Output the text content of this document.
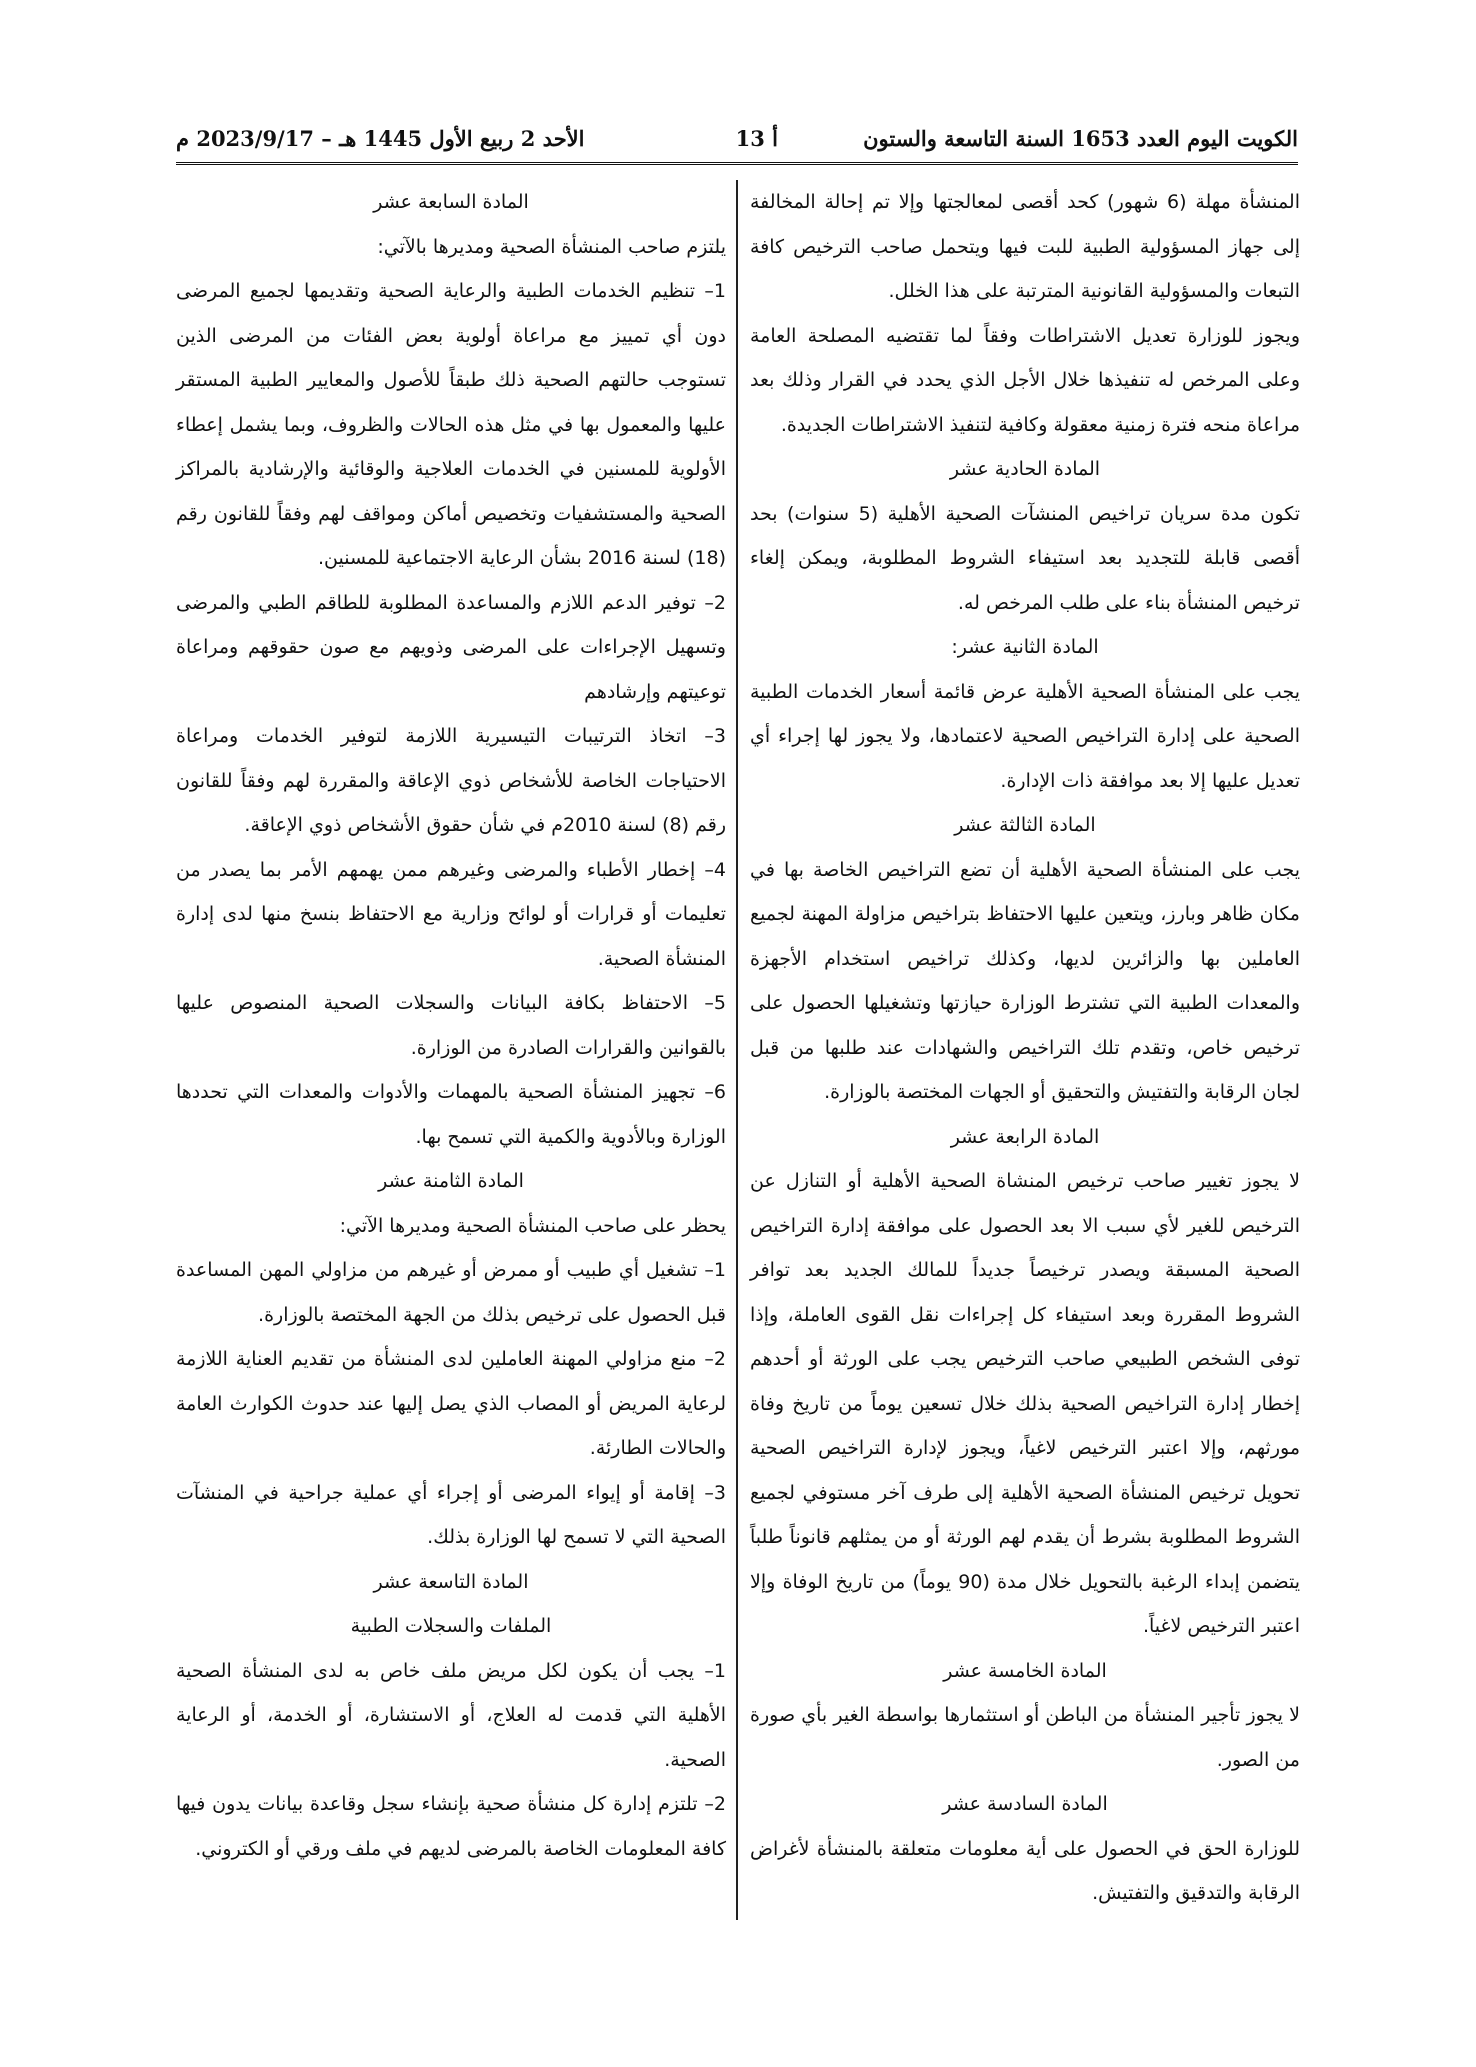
الكويت اليوم العدد 1653 السنة التاسعة والستون
أ 13
الأحد 2 ربيع الأول 1445 هـ – 2023/9/17 م

المنشأة مهلة (6 شهور) كحد أقصى لمعالجتها وإلا تم إحالة المخالفة إلى جهاز المسؤولية الطبية للبت فيها ويتحمل صاحب الترخيص كافة التبعات والمسؤولية القانونية المترتبة على هذا الخلل.

ويجوز للوزارة تعديل الاشتراطات وفقاً لما تقتضيه المصلحة العامة وعلى المرخص له تنفيذها خلال الأجل الذي يحدد في القرار وذلك بعد مراعاة منحه فترة زمنية معقولة وكافية لتنفيذ الاشتراطات الجديدة.

المادة الحادية عشر

تكون مدة سريان تراخيص المنشآت الصحية الأهلية (5 سنوات) بحد أقصى قابلة للتجديد بعد استيفاء الشروط المطلوبة، ويمكن إلغاء ترخيص المنشأة بناء على طلب المرخص له.

المادة الثانية عشر:

يجب على المنشأة الصحية الأهلية عرض قائمة أسعار الخدمات الطبية الصحية على إدارة التراخيص الصحية لاعتمادها، ولا يجوز لها إجراء أي تعديل عليها إلا بعد موافقة ذات الإدارة.

المادة الثالثة عشر

يجب على المنشأة الصحية الأهلية أن تضع التراخيص الخاصة بها في مكان ظاهر وبارز، ويتعين عليها الاحتفاظ بتراخيص مزاولة المهنة لجميع العاملين بها والزائرين لديها، وكذلك تراخيص استخدام الأجهزة والمعدات الطبية التي تشترط الوزارة حيازتها وتشغيلها الحصول على ترخيص خاص، وتقدم تلك التراخيص والشهادات عند طلبها من قبل لجان الرقابة والتفتيش والتحقيق أو الجهات المختصة بالوزارة.

المادة الرابعة عشر

لا يجوز تغيير صاحب ترخيص المنشاة الصحية الأهلية أو التنازل عن الترخيص للغير لأي سبب الا بعد الحصول على موافقة إدارة التراخيص الصحية المسبقة ويصدر ترخيصاً جديداً للمالك الجديد بعد توافر الشروط المقررة وبعد استيفاء كل إجراءات نقل القوى العاملة، وإذا توفى الشخص الطبيعي صاحب الترخيص يجب على الورثة أو أحدهم إخطار إدارة التراخيص الصحية بذلك خلال تسعين يوماً من تاريخ وفاة مورثهم، وإلا اعتبر الترخيص لاغياً، ويجوز لإدارة التراخيص الصحية تحويل ترخيص المنشأة الصحية الأهلية إلى طرف آخر مستوفي لجميع الشروط المطلوبة بشرط أن يقدم لهم الورثة أو من يمثلهم قانوناً طلباً يتضمن إبداء الرغبة بالتحويل خلال مدة (90 يوماً) من تاريخ الوفاة وإلا اعتبر الترخيص لاغياً.

المادة الخامسة عشر

لا يجوز تأجير المنشأة من الباطن أو استثمارها بواسطة الغير بأي صورة من الصور.

المادة السادسة عشر

للوزارة الحق في الحصول على أية معلومات متعلقة بالمنشأة لأغراض الرقابة والتدقيق والتفتيش.

المادة السابعة عشر

يلتزم صاحب المنشأة الصحية ومديرها بالآتي:

1– تنظيم الخدمات الطبية والرعاية الصحية وتقديمها لجميع المرضى دون أي تمييز مع مراعاة أولوية بعض الفئات من المرضى الذين تستوجب حالتهم الصحية ذلك طبقاً للأصول والمعايير الطبية المستقر عليها والمعمول بها في مثل هذه الحالات والظروف، وبما يشمل إعطاء الأولوية للمسنين في الخدمات العلاجية والوقائية والإرشادية بالمراكز الصحية والمستشفيات وتخصيص أماكن ومواقف لهم وفقاً للقانون رقم (18) لسنة 2016 بشأن الرعاية الاجتماعية للمسنين.

2– توفير الدعم اللازم والمساعدة المطلوبة للطاقم الطبي والمرضى وتسهيل الإجراءات على المرضى وذويهم مع صون حقوقهم ومراعاة توعيتهم وإرشادهم

3– اتخاذ الترتيبات التيسيرية اللازمة لتوفير الخدمات ومراعاة الاحتياجات الخاصة للأشخاص ذوي الإعاقة والمقررة لهم وفقاً للقانون رقم (8) لسنة 2010م في شأن حقوق الأشخاص ذوي الإعاقة.

4– إخطار الأطباء والمرضى وغيرهم ممن يهمهم الأمر بما يصدر من تعليمات أو قرارات أو لوائح وزارية مع الاحتفاظ بنسخ منها لدى إدارة المنشأة الصحية.

5– الاحتفاظ بكافة البيانات والسجلات الصحية المنصوص عليها بالقوانين والقرارات الصادرة من الوزارة.

6– تجهيز المنشأة الصحية بالمهمات والأدوات والمعدات التي تحددها الوزارة وبالأدوية والكمية التي تسمح بها.

المادة الثامنة عشر

يحظر على صاحب المنشأة الصحية ومديرها الآتي:

1– تشغيل أي طبيب أو ممرض أو غيرهم من مزاولي المهن المساعدة قبل الحصول على ترخيص بذلك من الجهة المختصة بالوزارة.

2– منع مزاولي المهنة العاملين لدى المنشأة من تقديم العناية اللازمة لرعاية المريض أو المصاب الذي يصل إليها عند حدوث الكوارث العامة والحالات الطارئة.

3– إقامة أو إيواء المرضى أو إجراء أي عملية جراحية في المنشآت الصحية التي لا تسمح لها الوزارة بذلك.

المادة التاسعة عشر

الملفات والسجلات الطبية

1– يجب أن يكون لكل مريض ملف خاص به لدى المنشأة الصحية الأهلية التي قدمت له العلاج، أو الاستشارة، أو الخدمة، أو الرعاية الصحية.

2– تلتزم إدارة كل منشأة صحية بإنشاء سجل وقاعدة بيانات يدون فيها كافة المعلومات الخاصة بالمرضى لديهم في ملف ورقي أو الكتروني.
